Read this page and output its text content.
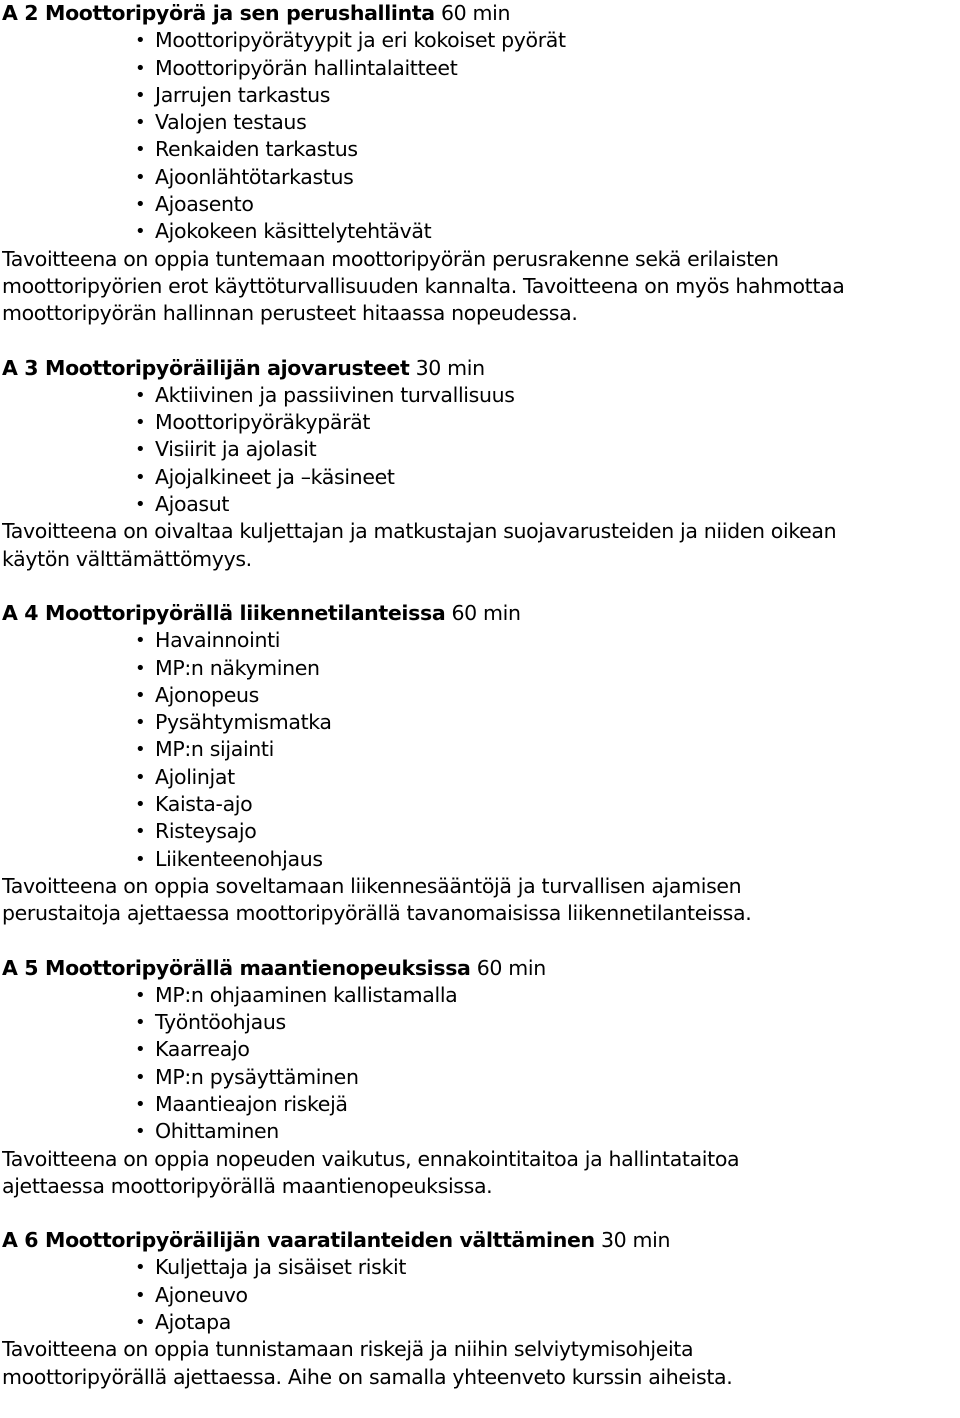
A 2 Moottoripyörä ja sen perushallinta 60 min
• Moottoripyörätyypit ja eri kokoiset pyörät
• Moottoripyörän hallintalaitteet
• Jarrujen tarkastus
• Valojen testaus
• Renkaiden tarkastus
• Ajoonlähtötarkastus
• Ajoasento
• Ajokokeen käsittelytehtävät
Tavoitteena on oppia tuntemaan moottoripyörän perusrakenne sekä erilaisten
moottoripyörien erot käyttöturvallisuuden kannalta. Tavoitteena on myös hahmottaa
moottoripyörän hallinnan perusteet hitaassa nopeudessa.
A 3 Moottoripyöräilijän ajovarusteet 30 min
• Aktiivinen ja passiivinen turvallisuus
• Moottoripyöräkypärät
• Visiirit ja ajolasit
• Ajojalkineet ja –käsineet
• Ajoasut
Tavoitteena on oivaltaa kuljettajan ja matkustajan suojavarusteiden ja niiden oikean
käytön välttämättömyys.
A 4 Moottoripyörällä liikennetilanteissa 60 min
• Havainnointi
• MP:n näkyminen
• Ajonopeus
• Pysähtymismatka
• MP:n sijainti
• Ajolinjat
• Kaista-ajo
• Risteysajo
• Liikenteenohjaus
Tavoitteena on oppia soveltamaan liikennesääntöjä ja turvallisen ajamisen
perustaitoja ajettaessa moottoripyörällä tavanomaisissa liikennetilanteissa.
A 5 Moottoripyörällä maantienopeuksissa 60 min
• MP:n ohjaaminen kallistamalla
• Työntöohjaus
• Kaarreajo
• MP:n pysäyttäminen
• Maantieajon riskejä
• Ohittaminen
Tavoitteena on oppia nopeuden vaikutus, ennakointitaitoa ja hallintataitoa
ajettaessa moottoripyörällä maantienopeuksissa.
A 6 Moottoripyöräilijän vaaratilanteiden välttäminen 30 min
• Kuljettaja ja sisäiset riskit
• Ajoneuvo
• Ajotapa
Tavoitteena on oppia tunnistamaan riskejä ja niihin selviytymisohjeita
moottoripyörällä ajettaessa. Aihe on samalla yhteenveto kurssin aiheista.
